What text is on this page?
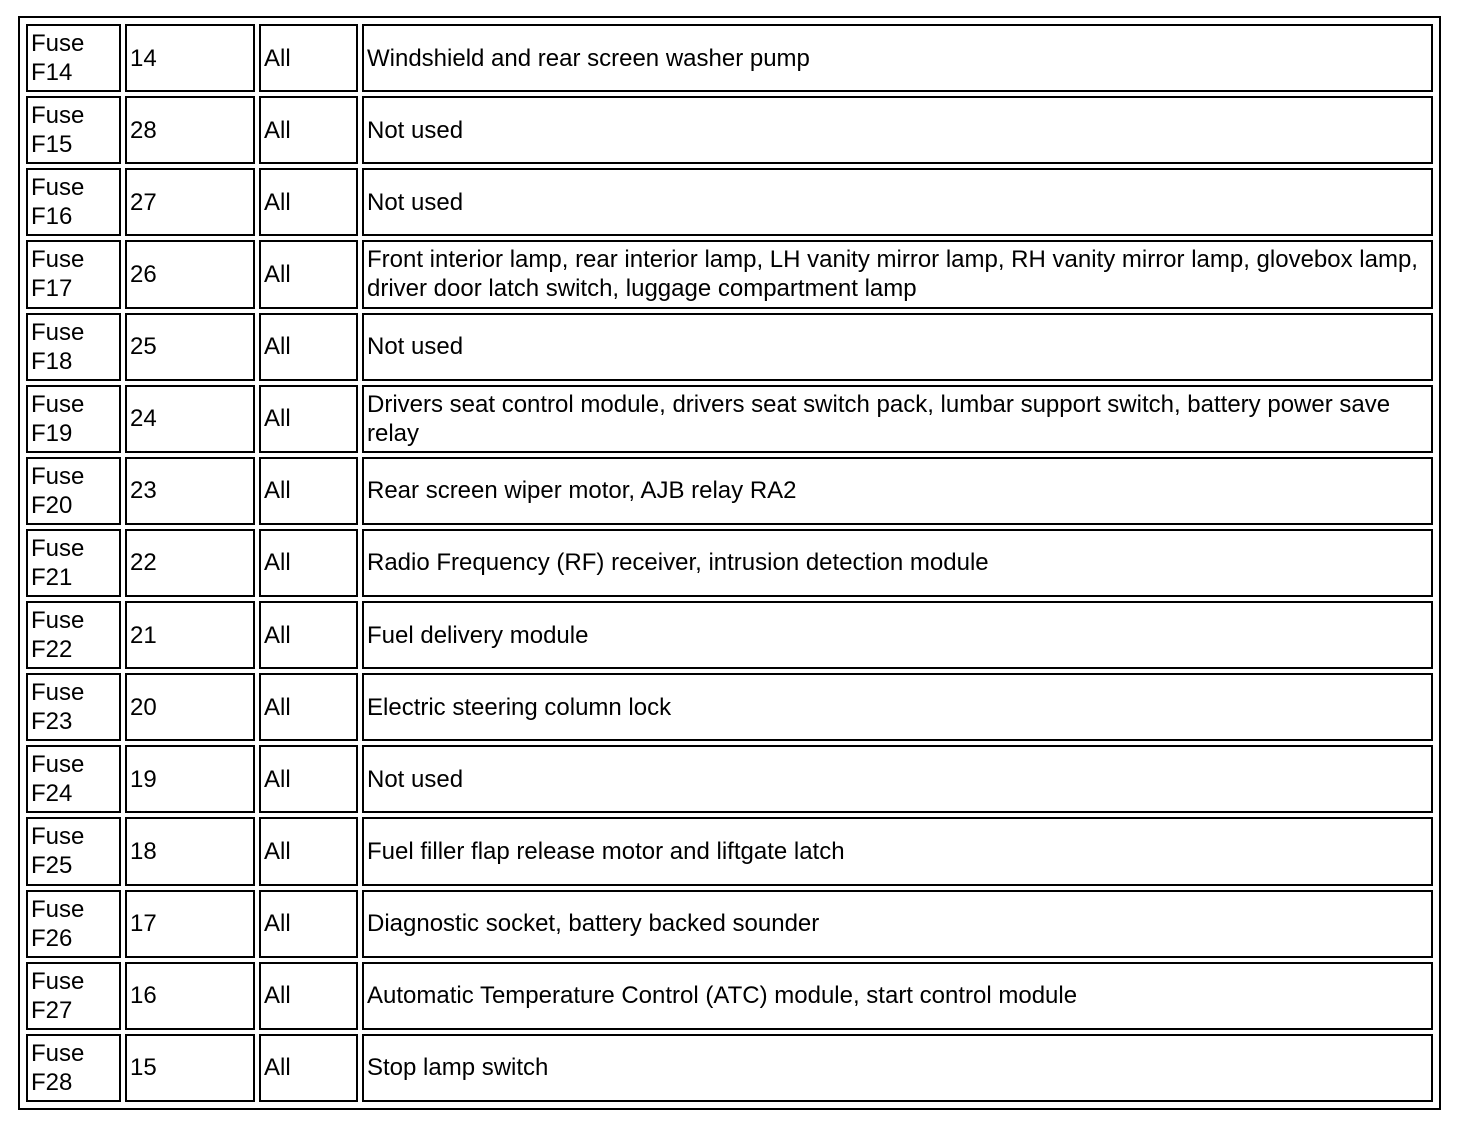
Fuse
F14	14	All	Windshield and rear screen washer pump

Fuse
F15	28	All	Not used

Fuse
F16	27	All	Not used

Fuse
F17	26	All	Front interior lamp, rear interior lamp, LH vanity mirror lamp, RH vanity mirror lamp, glovebox lamp, driver door latch switch, luggage compartment lamp

Fuse
F18	25	All	Not used

Fuse
F19	24	All	Drivers seat control module, drivers seat switch pack, lumbar support switch, battery power save relay

Fuse
F20	23	All	Rear screen wiper motor, AJB relay RA2

Fuse
F21	22	All	Radio Frequency (RF) receiver, intrusion detection module

Fuse
F22	21	All	Fuel delivery module

Fuse
F23	20	All	Electric steering column lock

Fuse
F24	19	All	Not used

Fuse
F25	18	All	Fuel filler flap release motor and liftgate latch

Fuse
F26	17	All	Diagnostic socket, battery backed sounder

Fuse
F27	16	All	Automatic Temperature Control (ATC) module, start control module

Fuse
F28	15	All	Stop lamp switch
